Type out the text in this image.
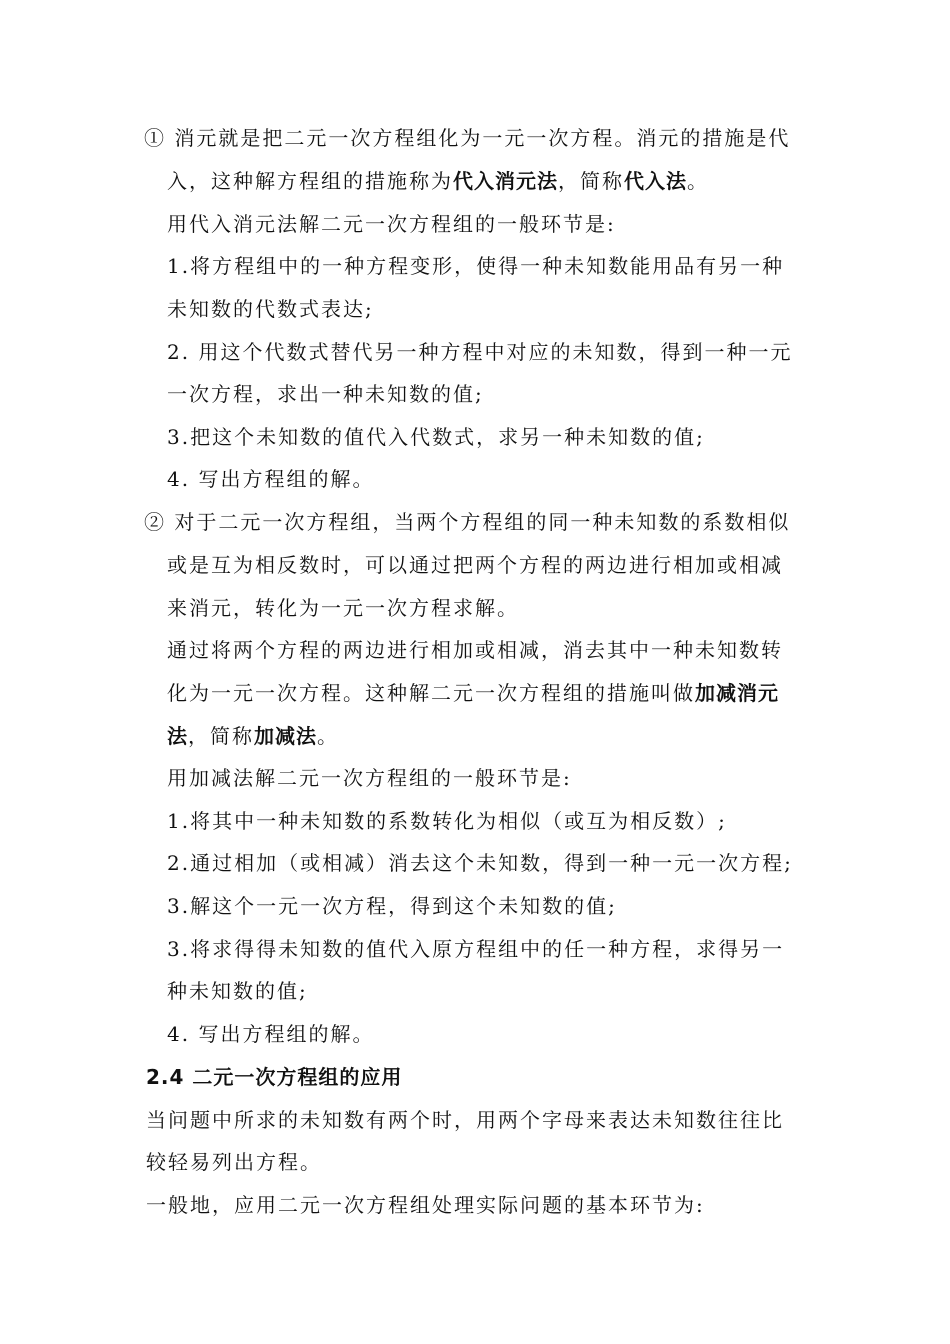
① 消元就是把二元一次方程组化为一元一次方程。消元的措施是代
入，这种解方程组的措施称为代入消元法，简称代入法。
用代入消元法解二元一次方程组的一般环节是:
1.将方程组中的一种方程变形，使得一种未知数能用品有另一种
未知数的代数式表达;
2. 用这个代数式替代另一种方程中对应的未知数，得到一种一元
一次方程，求出一种未知数的值;
3.把这个未知数的值代入代数式，求另一种未知数的值;
4. 写出方程组的解。
② 对于二元一次方程组，当两个方程组的同一种未知数的系数相似
或是互为相反数时，可以通过把两个方程的两边进行相加或相减
来消元，转化为一元一次方程求解。
通过将两个方程的两边进行相加或相减，消去其中一种未知数转
化为一元一次方程。这种解二元一次方程组的措施叫做加减消元
法，简称加减法。
用加减法解二元一次方程组的一般环节是:
1.将其中一种未知数的系数转化为相似（或互为相反数）;
2.通过相加（或相减）消去这个未知数，得到一种一元一次方程;
3.解这个一元一次方程，得到这个未知数的值;
3.将求得得未知数的值代入原方程组中的任一种方程，求得另一
种未知数的值;
4. 写出方程组的解。
2.4 二元一次方程组的应用
当问题中所求的未知数有两个时，用两个字母来表达未知数往往比
较轻易列出方程。
一般地，应用二元一次方程组处理实际问题的基本环节为:
